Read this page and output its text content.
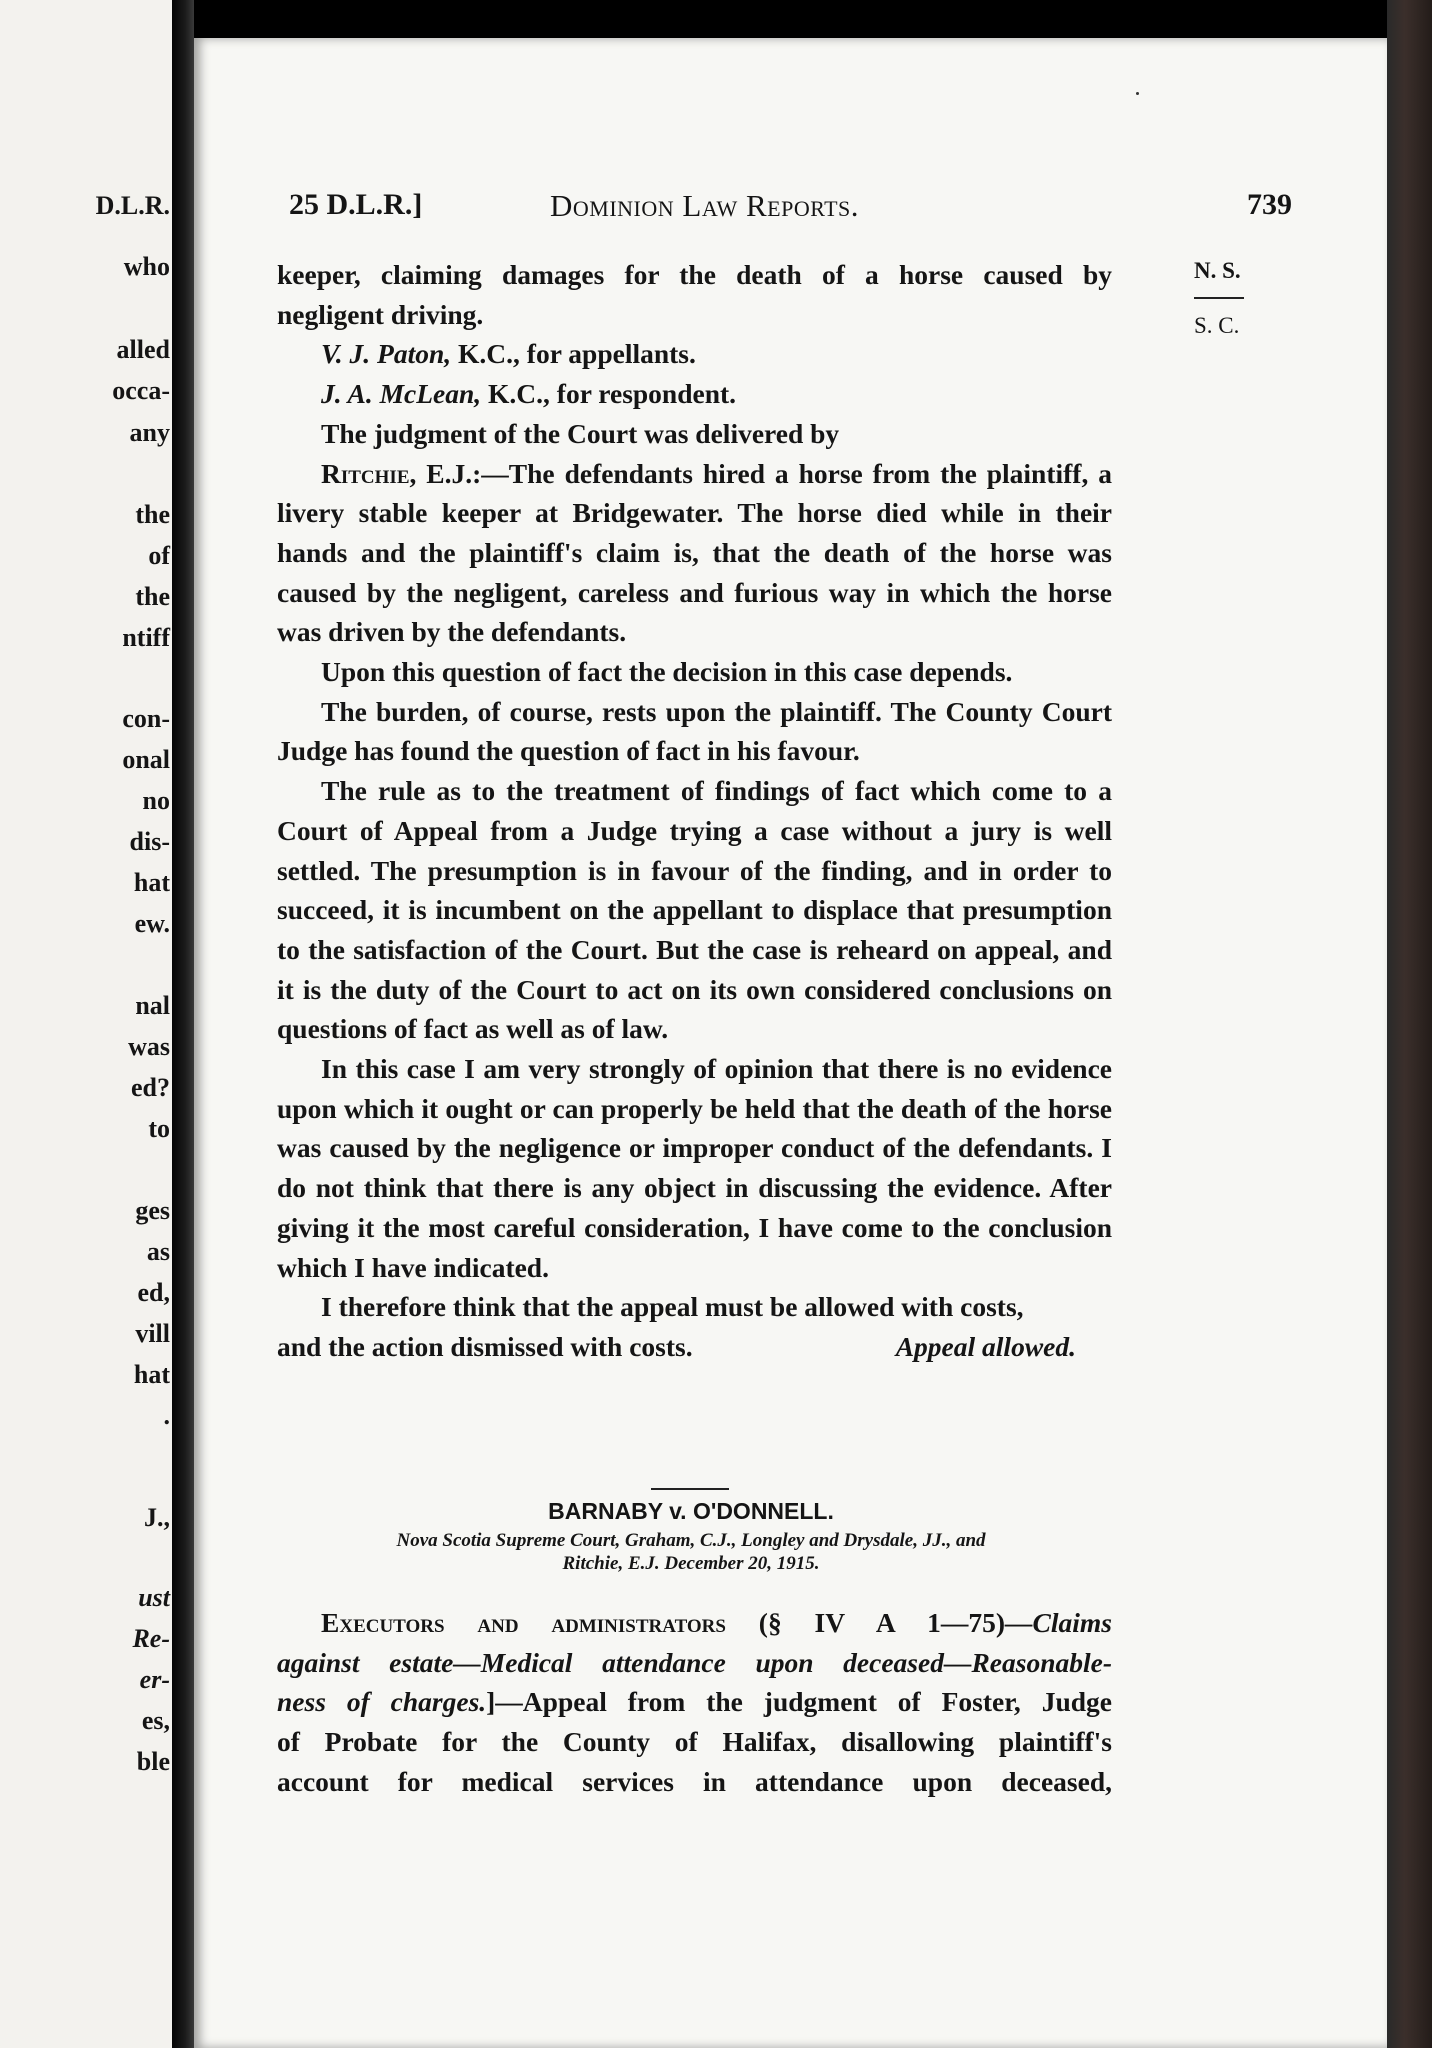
D.L.R.
who
alled
occa-
any
the
of
the
ntiff
con-
onal
no
dis-
hat
ew.
nal
was
ed?
to
ges
as
ed,
vill
hat
.
J.,
ust
Re-
er-
es,
ble
25 D.L.R.]	Dominion Law Reports.	739
N. S.
S. C.

keeper, claiming damages for the death of a horse caused by
negligent driving.

V. J. Paton, K.C., for appellants.

J. A. McLean, K.C., for respondent.

The judgment of the Court was delivered by

Ritchie, E.J.:—The defendants hired a horse from the plaintiff, a livery stable keeper at Bridgewater. The horse died while in their hands and the plaintiff's claim is, that the death of the horse was caused by the negligent, careless and furious way in which the horse was driven by the defendants.

Upon this question of fact the decision in this case depends.

The burden, of course, rests upon the plaintiff. The County Court Judge has found the question of fact in his favour.

The rule as to the treatment of findings of fact which come to a Court of Appeal from a Judge trying a case without a jury is well settled. The presumption is in favour of the finding, and in order to succeed, it is incumbent on the appellant to displace that presumption to the satisfaction of the Court. But the case is reheard on appeal, and it is the duty of the Court to act on its own considered conclusions on questions of fact as well as of law.

In this case I am very strongly of opinion that there is no evidence upon which it ought or can properly be held that the death of the horse was caused by the negligence or improper conduct of the defendants. I do not think that there is any object in discussing the evidence. After giving it the most careful consideration, I have come to the conclusion which I have indicated.

I therefore think that the appeal must be allowed with costs,

and the action dismissed with costs.	Appeal allowed.

BARNABY v. O'DONNELL.
Nova Scotia Supreme Court, Graham, C.J., Longley and Drysdale, JJ., and
Ritchie, E.J. December 20, 1915.

Executors and administrators (§ IV A 1—75)—Claims

against estate—Medical attendance upon deceased—Reasonable-
ness of charges.]—Appeal from the judgment of Foster, Judge
of Probate for the County of Halifax, disallowing plaintiff's
account for medical services in attendance upon deceased,
